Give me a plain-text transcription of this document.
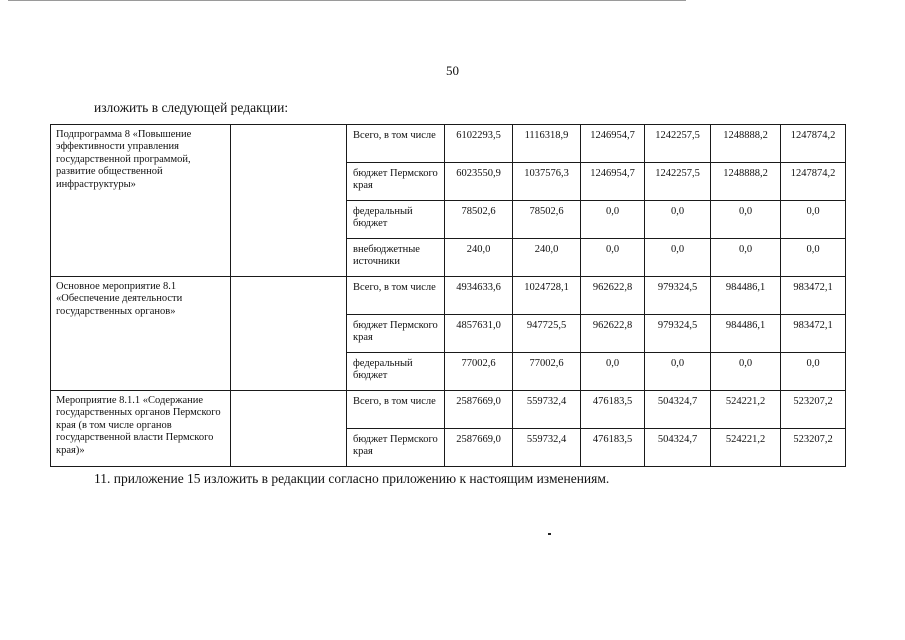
50
изложить в следующей редакции:
Подпрограмма 8 «Повышение эффективности управления государственной программой, развитие общественной инфраструктуры»		Всего, в том числе	6102293,5	1116318,9	1246954,7	1242257,5	1248888,2	1247874,2
		бюджет Пермского края	6023550,9	1037576,3	1246954,7	1242257,5	1248888,2	1247874,2
		федеральный бюджет	78502,6	78502,6	0,0	0,0	0,0	0,0
		внебюджетные источники	240,0	240,0	0,0	0,0	0,0	0,0
Основное мероприятие 8.1 «Обеспечение деятельности государственных органов»		Всего, в том числе	4934633,6	1024728,1	962622,8	979324,5	984486,1	983472,1
		бюджет Пермского края	4857631,0	947725,5	962622,8	979324,5	984486,1	983472,1
		федеральный бюджет	77002,6	77002,6	0,0	0,0	0,0	0,0
Мероприятие 8.1.1 «Содержание государственных органов Пермского края (в том числе органов государственной власти Пермского края)»		Всего, в том числе	2587669,0	559732,4	476183,5	504324,7	524221,2	523207,2
		бюджет Пермского края	2587669,0	559732,4	476183,5	504324,7	524221,2	523207,2
11. приложение 15 изложить в редакции согласно приложению к настоящим изменениям.
